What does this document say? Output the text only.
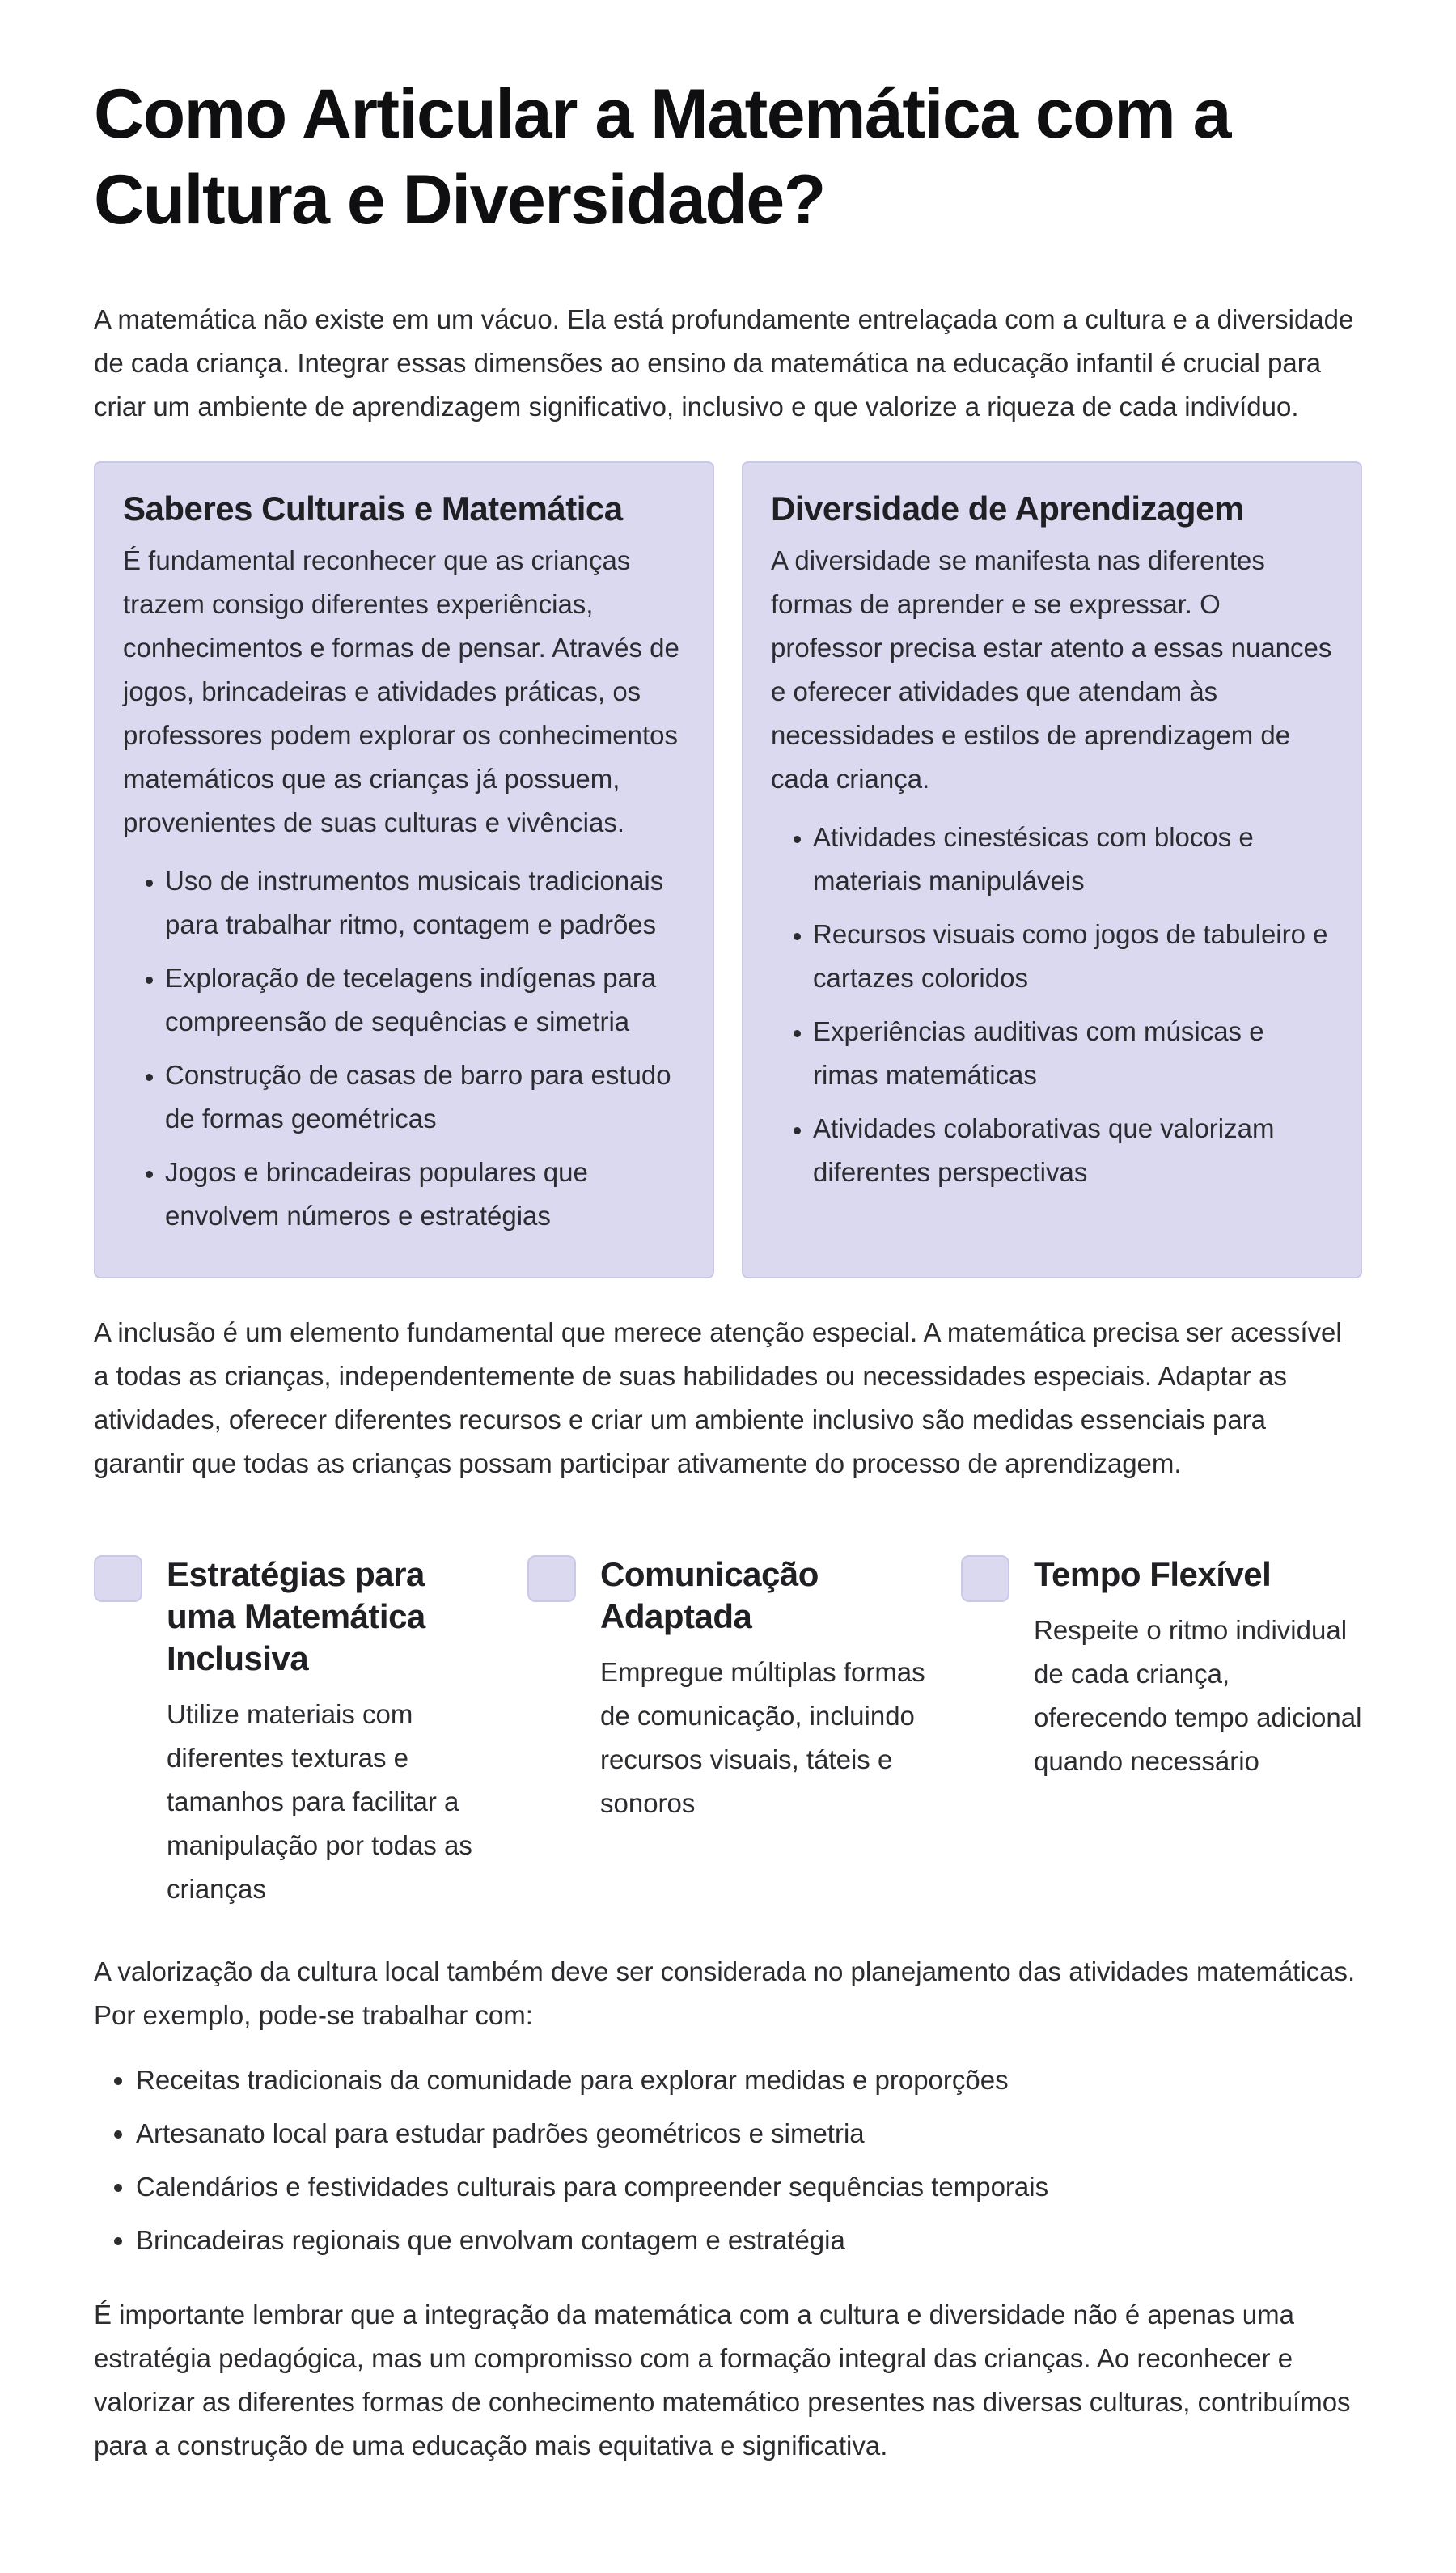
Como Articular a Matemática com a Cultura e Diversidade?

A matemática não existe em um vácuo. Ela está profundamente entrelaçada com a cultura e a diversidade de cada criança. Integrar essas dimensões ao ensino da matemática na educação infantil é crucial para criar um ambiente de aprendizagem significativo, inclusivo e que valorize a riqueza de cada indivíduo.

Saberes Culturais e Matemática

É fundamental reconhecer que as crianças trazem consigo diferentes experiências, conhecimentos e formas de pensar. Através de jogos, brincadeiras e atividades práticas, os professores podem explorar os conhecimentos matemáticos que as crianças já possuem, provenientes de suas culturas e vivências.

• Uso de instrumentos musicais tradicionais para trabalhar ritmo, contagem e padrões
• Exploração de tecelagens indígenas para compreensão de sequências e simetria
• Construção de casas de barro para estudo de formas geométricas
• Jogos e brincadeiras populares que envolvem números e estratégias
Diversidade de Aprendizagem

A diversidade se manifesta nas diferentes formas de aprender e se expressar. O professor precisa estar atento a essas nuances e oferecer atividades que atendam às necessidades e estilos de aprendizagem de cada criança.

• Atividades cinestésicas com blocos e materiais manipuláveis
• Recursos visuais como jogos de tabuleiro e cartazes coloridos
• Experiências auditivas com músicas e rimas matemáticas
• Atividades colaborativas que valorizam diferentes perspectivas

A inclusão é um elemento fundamental que merece atenção especial. A matemática precisa ser acessível a todas as crianças, independentemente de suas habilidades ou necessidades especiais. Adaptar as atividades, oferecer diferentes recursos e criar um ambiente inclusivo são medidas essenciais para garantir que todas as crianças possam participar ativamente do processo de aprendizagem.

Estratégias para uma Matemática Inclusiva

Utilize materiais com diferentes texturas e tamanhos para facilitar a manipulação por todas as crianças

Comunicação Adaptada

Empregue múltiplas formas de comunicação, incluindo recursos visuais, táteis e sonoros

Tempo Flexível

Respeite o ritmo individual de cada criança, oferecendo tempo adicional quando necessário

A valorização da cultura local também deve ser considerada no planejamento das atividades matemáticas. Por exemplo, pode-se trabalhar com:

• Receitas tradicionais da comunidade para explorar medidas e proporções
• Artesanato local para estudar padrões geométricos e simetria
• Calendários e festividades culturais para compreender sequências temporais
• Brincadeiras regionais que envolvam contagem e estratégia

É importante lembrar que a integração da matemática com a cultura e diversidade não é apenas uma estratégia pedagógica, mas um compromisso com a formação integral das crianças. Ao reconhecer e valorizar as diferentes formas de conhecimento matemático presentes nas diversas culturas, contribuímos para a construção de uma educação mais equitativa e significativa.
